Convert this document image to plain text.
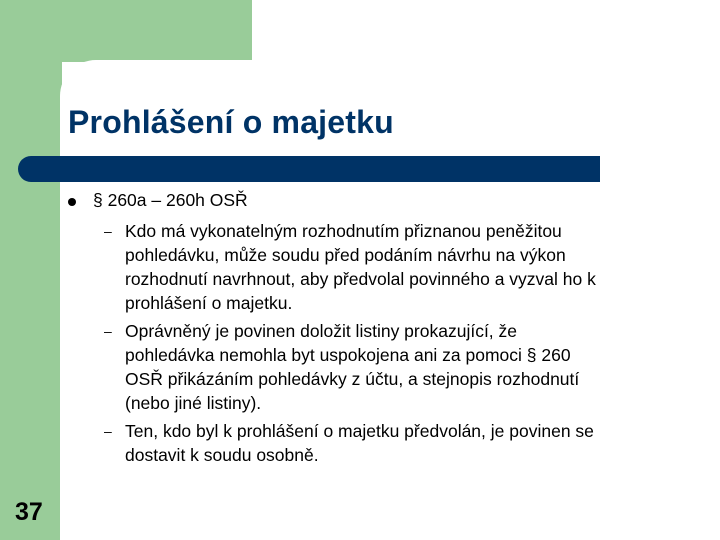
Prohlášení o majetku
§ 260a – 260h OSŘ
– Kdo má vykonatelným rozhodnutím přiznanou peněžitou
pohledávku, může soudu před podáním návrhu na výkon
rozhodnutí navrhnout, aby předvolal povinného a vyzval ho k
prohlášení o majetku.
– Oprávněný je povinen doložit listiny prokazující, že
pohledávka nemohla byt uspokojena ani za pomoci § 260
OSŘ přikázáním pohledávky z účtu, a stejnopis rozhodnutí
(nebo jiné listiny).
– Ten, kdo byl k prohlášení o majetku předvolán, je povinen se
dostavit k soudu osobně.
37
